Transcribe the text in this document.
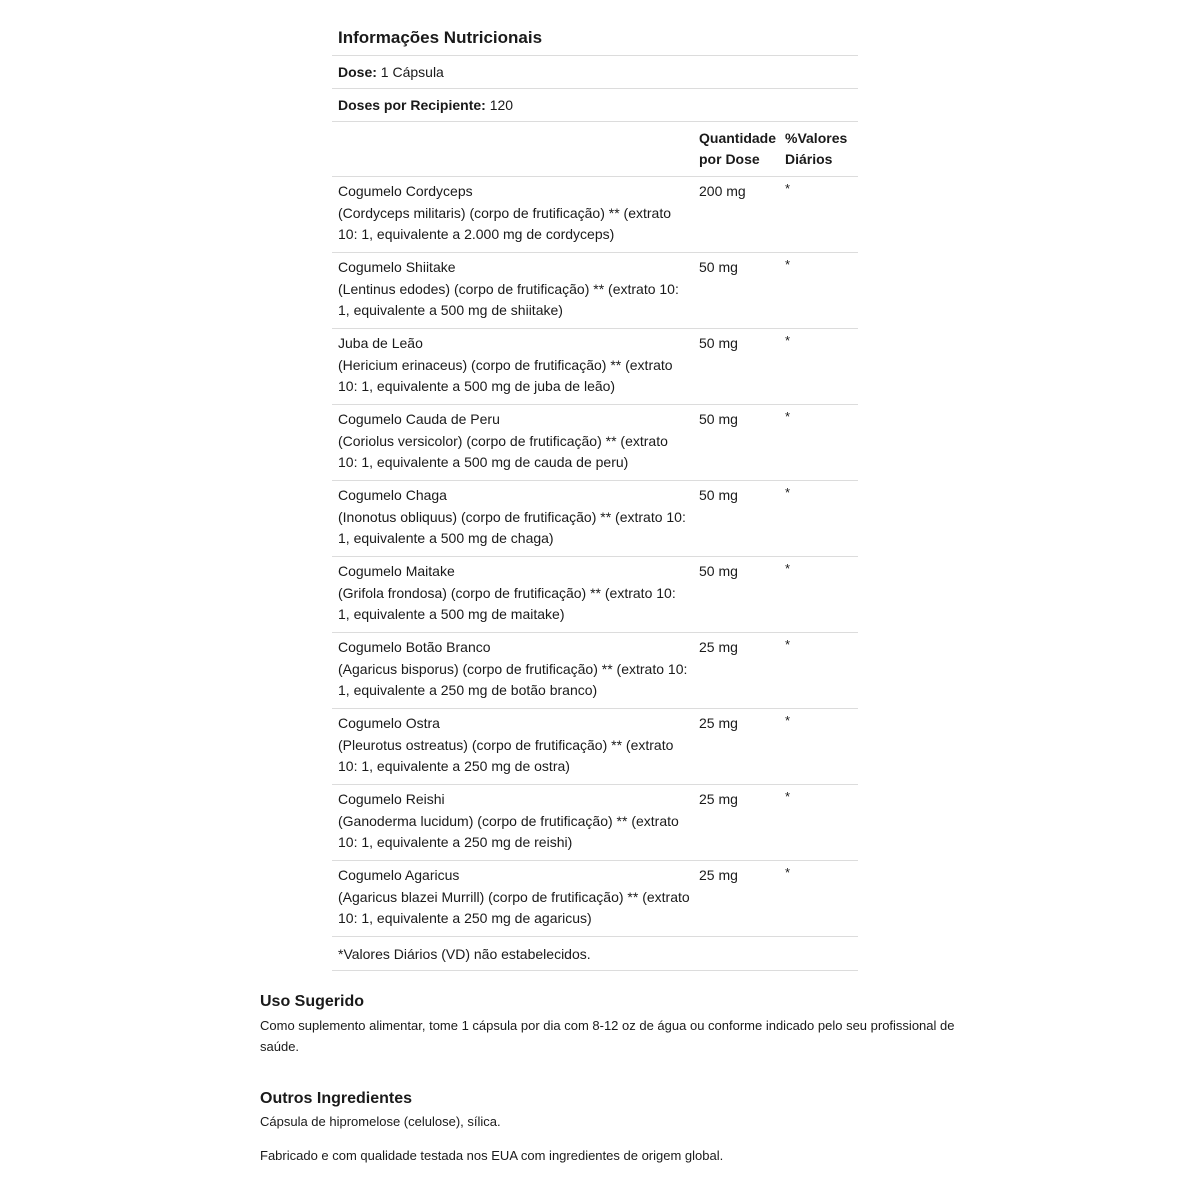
Informações Nutricionais
Dose: 1 Cápsula
Doses por Recipiente: 120
Quantidade
por Dose
%Valores
Diários
Cogumelo Cordyceps
(Cordyceps militaris) (corpo de frutificação) ** (extrato 10: 1, equivalente a 2.000 mg de cordyceps)
200 mg	*
Cogumelo Shiitake
(Lentinus edodes) (corpo de frutificação) ** (extrato 10: 1, equivalente a 500 mg de shiitake)
50 mg	*
Juba de Leão
(Hericium erinaceus) (corpo de frutificação) ** (extrato 10: 1, equivalente a 500 mg de juba de leão)
50 mg	*
Cogumelo Cauda de Peru
(Coriolus versicolor) (corpo de frutificação) ** (extrato 10: 1, equivalente a 500 mg de cauda de peru)
50 mg	*
Cogumelo Chaga
(Inonotus obliquus) (corpo de frutificação) ** (extrato 10: 1, equivalente a 500 mg de chaga)
50 mg	*
Cogumelo Maitake
(Grifola frondosa) (corpo de frutificação) ** (extrato 10: 1, equivalente a 500 mg de maitake)
50 mg	*
Cogumelo Botão Branco
(Agaricus bisporus) (corpo de frutificação) ** (extrato 10: 1, equivalente a 250 mg de botão branco)
25 mg	*
Cogumelo Ostra
(Pleurotus ostreatus) (corpo de frutificação) ** (extrato 10: 1, equivalente a 250 mg de ostra)
25 mg	*
Cogumelo Reishi
(Ganoderma lucidum) (corpo de frutificação) ** (extrato 10: 1, equivalente a 250 mg de reishi)
25 mg	*
Cogumelo Agaricus
(Agaricus blazei Murrill) (corpo de frutificação) ** (extrato 10: 1, equivalente a 250 mg de agaricus)
25 mg	*
*Valores Diários (VD) não estabelecidos.
Uso Sugerido

Como suplemento alimentar, tome 1 cápsula por dia com 8-12 oz de água ou conforme indicado pelo seu profissional de saúde.

Outros Ingredientes

Cápsula de hipromelose (celulose), sílica.

Fabricado e com qualidade testada nos EUA com ingredientes de origem global.
